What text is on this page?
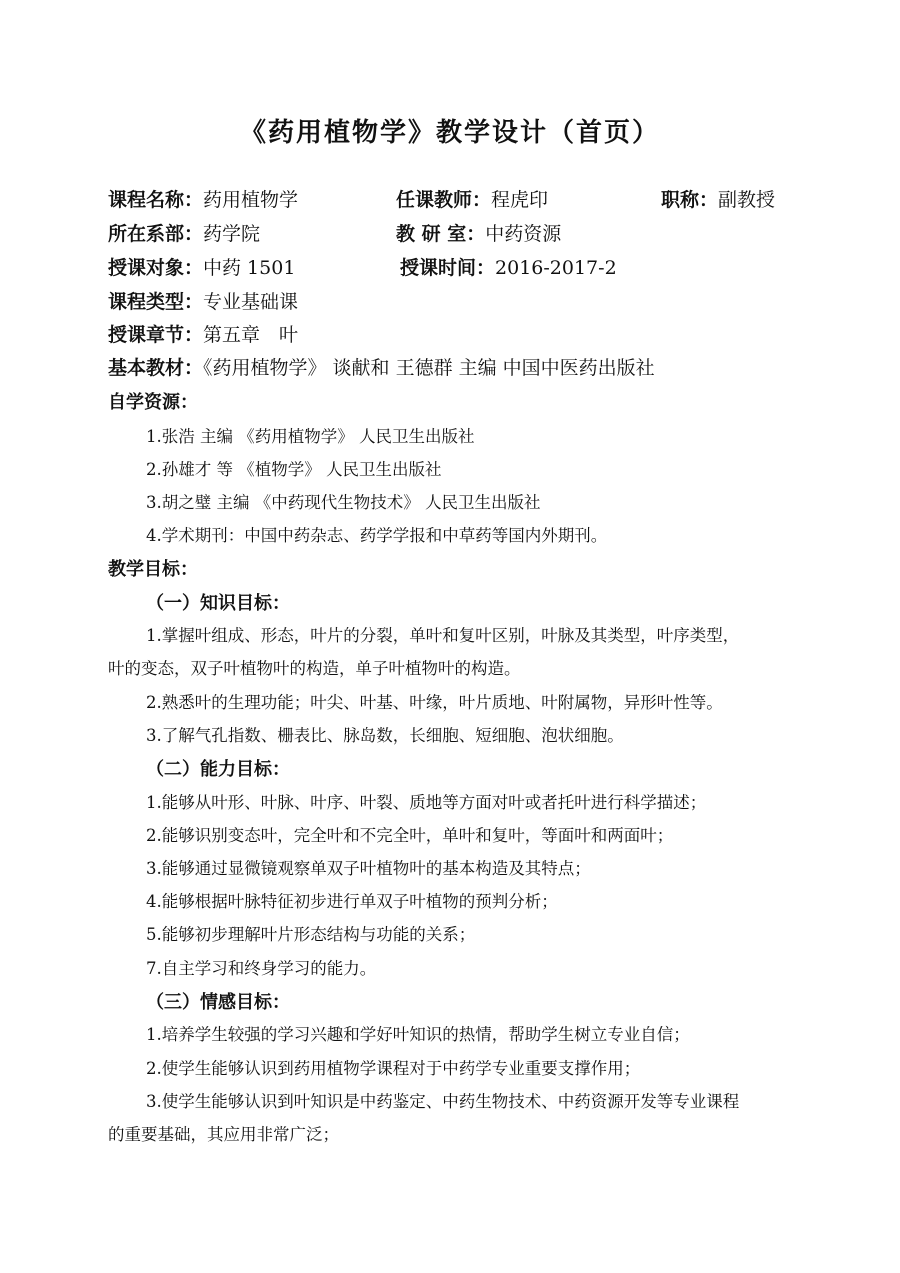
《药用植物学》教学设计（首页）
课程名称：药用植物学	任课教师：程虎印	职称：副教授
所在系部：药学院	教 研 室：中药资源
授课对象：中药 1501	授课时间：2016-2017-2
课程类型：专业基础课
授课章节：第五章　叶
基本教材：《药用植物学》 谈献和 王德群 主编 中国中医药出版社
自学资源：
1.张浩 主编 《药用植物学》 人民卫生出版社
2.孙雄才 等 《植物学》 人民卫生出版社
3.胡之璧 主编 《中药现代生物技术》 人民卫生出版社
4.学术期刊：中国中药杂志、药学学报和中草药等国内外期刊。
教学目标：
（一）知识目标：
1.掌握叶组成、形态，叶片的分裂，单叶和复叶区别，叶脉及其类型，叶序类型，
叶的变态，双子叶植物叶的构造，单子叶植物叶的构造。
2.熟悉叶的生理功能；叶尖、叶基、叶缘，叶片质地、叶附属物，异形叶性等。
3.了解气孔指数、栅表比、脉岛数，长细胞、短细胞、泡状细胞。
（二）能力目标：
1.能够从叶形、叶脉、叶序、叶裂、质地等方面对叶或者托叶进行科学描述；
2.能够识别变态叶，完全叶和不完全叶，单叶和复叶，等面叶和两面叶；
3.能够通过显微镜观察单双子叶植物叶的基本构造及其特点；
4.能够根据叶脉特征初步进行单双子叶植物的预判分析；
5.能够初步理解叶片形态结构与功能的关系；
7.自主学习和终身学习的能力。
（三）情感目标：
1.培养学生较强的学习兴趣和学好叶知识的热情，帮助学生树立专业自信；
2.使学生能够认识到药用植物学课程对于中药学专业重要支撑作用；
3.使学生能够认识到叶知识是中药鉴定、中药生物技术、中药资源开发等专业课程
的重要基础，其应用非常广泛；
